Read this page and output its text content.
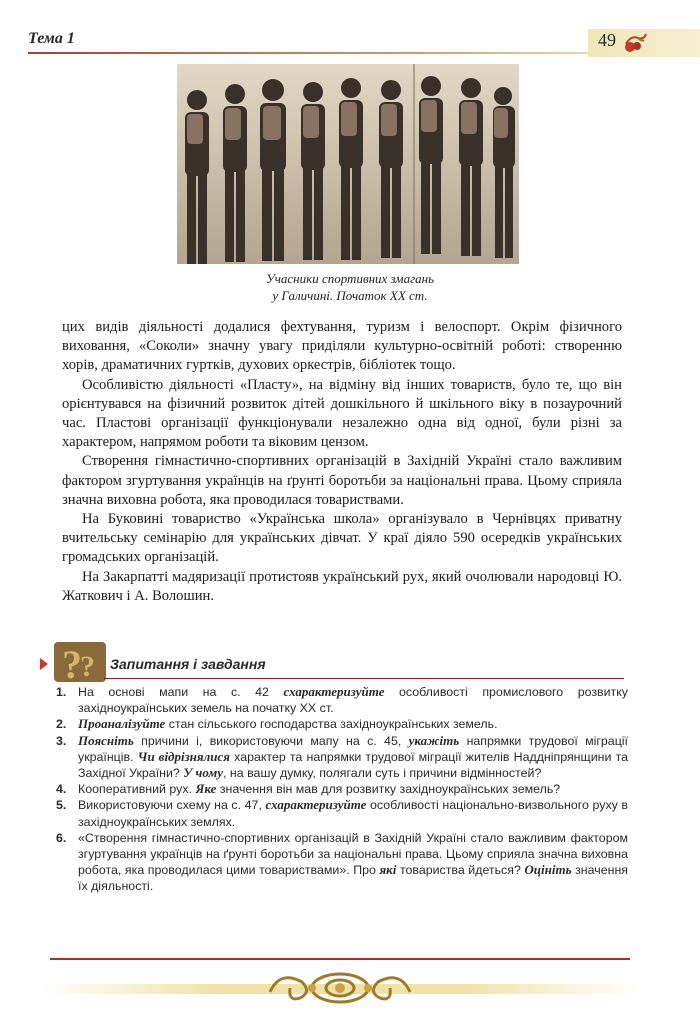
Тема 1	49
Учасники спортивних змагань
у Галичині. Початок XX ст.

цих видів діяльності додалися фехтування, туризм і велоспорт. Окрім фізичного виховання, «Соколи» значну увагу приділяли культурно-освітній роботі: створенню хорів, драматичних гуртків, духових оркестрів, бібліотек тощо.

Особливістю діяльності «Пласту», на відміну від інших товариств, було те, що він орієнтувався на фізичний розвиток дітей дошкільного й шкільного віку в позаурочний час. Пластові організації функціонували незалежно одна від одної, були різні за характером, напрямом роботи та віковим цензом.

Створення гімнастично-спортивних організацій в Західній Україні стало важливим фактором згуртування українців на ґрунті боротьби за національні права. Цьому сприяла значна виховна робота, яка проводилася товариствами.

На Буковині товариство «Українська школа» організувало в Чернівцях приватну вчительську семінарію для українських дівчат. У краї діяло 590 осередків українських громадських організацій.

На Закарпатті мадяризації протистояв український рух, який очолювали народовці Ю. Жаткович і А. Волошин.

?
? Запитання і завдання
1. На основі мапи на с. 42 схарактеризуйте особливості промислового розвитку західноукраїнських земель на початку XX ст.
2. Проаналізуйте стан сільського господарства західноукраїнських земель.
3. Поясніть причини і, використовуючи мапу на с. 45, укажіть напрямки трудової міграції українців. Чи відрізнялися характер та напрямки трудової міграції жителів Наддніпрянщини та Західної України? У чому, на вашу думку, полягали суть і причини відмінностей?
4. Кооперативний рух. Яке значення він мав для розвитку західноукраїнських земель?
5. Використовуючи схему на с. 47, схарактеризуйте особливості національно-визвольного руху в західноукраїнських землях.
6. «Створення гімнастично-спортивних організацій в Західній Україні стало важливим фактором згуртування українців на ґрунті боротьби за національні права. Цьому сприяла значна виховна робота, яка проводилася цими товариствами». Про які товариства йдеться? Оцініть значення їх діяльності.
